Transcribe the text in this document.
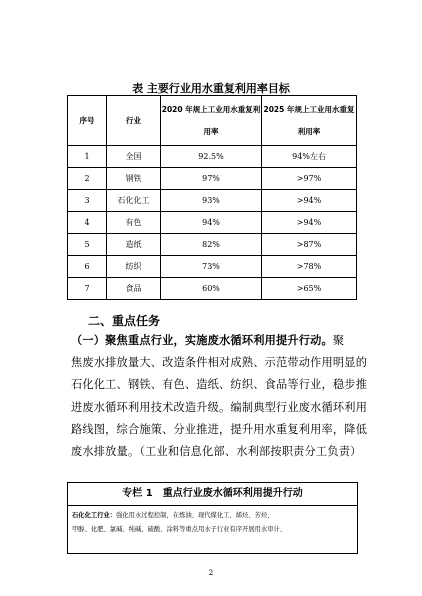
表 主要行业用水重复利用率目标
序号	行业	2020 年规上工业用水重复利用率	2025 年规上工业用水重复利用率
1	全国	92.5%	94%左右
2	钢铁	97%	>97%
3	石化化工	93%	>94%
4	有色	94%	>94%
5	造纸	82%	>87%
6	纺织	73%	>78%
7	食品	60%	>65%
二、重点任务
（一）聚焦重点行业，实施废水循环利用提升行动。聚
焦废水排放量大、改造条件相对成熟、示范带动作用明显的
石化化工、钢铁、有色、造纸、纺织、食品等行业，稳步推
进废水循环利用技术改造升级。编制典型行业废水循环利用
路线图，综合施策、分业推进，提升用水重复利用率，降低
废水排放量。（工业和信息化部、水利部按职责分工负责）
专栏 1 重点行业废水循环利用提升行动
石化化工行业：强化用水过程控制，在炼油、现代煤化工、烯烃、芳烃、
甲醇、化肥、氯碱、纯碱、硫酸、涂料等重点用水子行业有序开展用水审计、
2
